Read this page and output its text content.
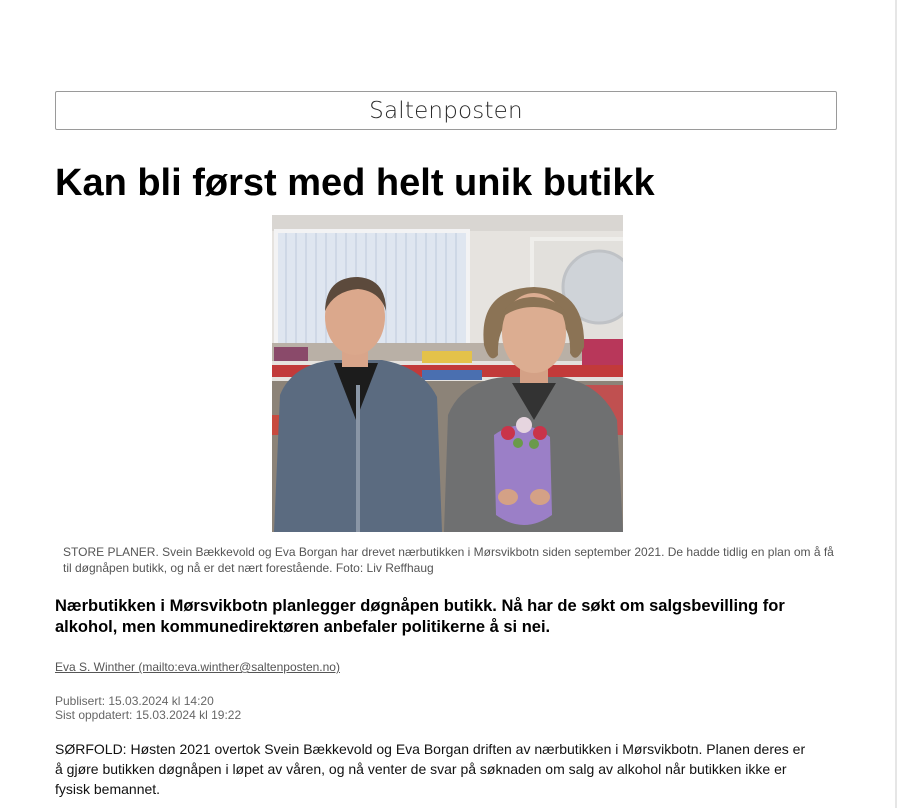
Saltenposten
Kan bli først med helt unik butikk

STORE PLANER. Svein Bækkevold og Eva Borgan har drevet nærbutikken i Mørsvikbotn siden september 2021. De hadde tidlig en plan om å få til døgnåpen butikk, og nå er det nært forestående. Foto: Liv Reffhaug

Nærbutikken i Mørsvikbotn planlegger døgnåpen butikk. Nå har de søkt om salgsbevilling for alkohol, men kommunedirektøren anbefaler politikerne å si nei.

Eva S. Winther (mailto:eva.winther@saltenposten.no)

Publisert: 15.03.2024 kl 14:20
Sist oppdatert: 15.03.2024 kl 19:22

SØRFOLD: Høsten 2021 overtok Svein Bækkevold og Eva Borgan driften av nærbutikken i Mørsvikbotn. Planen deres er å gjøre butikken døgnåpen i løpet av våren, og nå venter de svar på søknaden om salg av alkohol når butikken ikke er fysisk bemannet.
